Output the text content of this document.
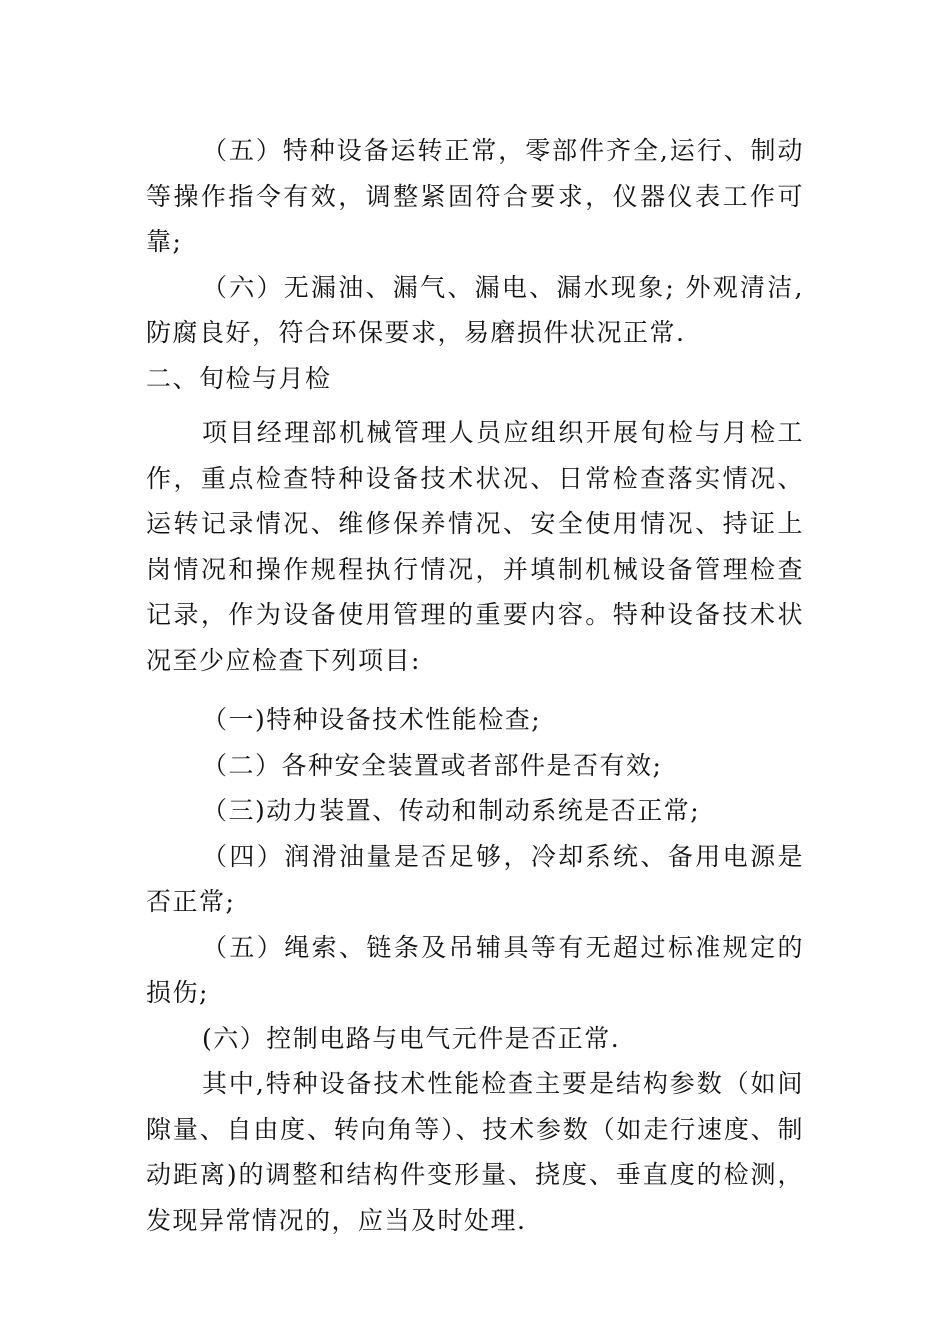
（五）特种设备运转正常，零部件齐全,运行、制动等操作指令有效，调整紧固符合要求，仪器仪表工作可靠;

（六）无漏油、漏气、漏电、漏水现象; 外观清洁,防腐良好，符合环保要求，易磨损件状况正常.

二、旬检与月检

项目经理部机械管理人员应组织开展旬检与月检工作，重点检查特种设备技术状况、日常检查落实情况、运转记录情况、维修保养情况、安全使用情况、持证上岗情况和操作规程执行情况，并填制机械设备管理检查记录，作为设备使用管理的重要内容。特种设备技术状况至少应检查下列项目:

（一)特种设备技术性能检查;

（二）各种安全装置或者部件是否有效;

（三)动力装置、传动和制动系统是否正常;

（四）润滑油量是否足够，冷却系统、备用电源是否正常;

（五）绳索、链条及吊辅具等有无超过标准规定的损伤;

(六）控制电路与电气元件是否正常.

其中,特种设备技术性能检查主要是结构参数（如间隙量、自由度、转向角等）、技术参数（如走行速度、制动距离)的调整和结构件变形量、挠度、垂直度的检测，发现异常情况的，应当及时处理.
